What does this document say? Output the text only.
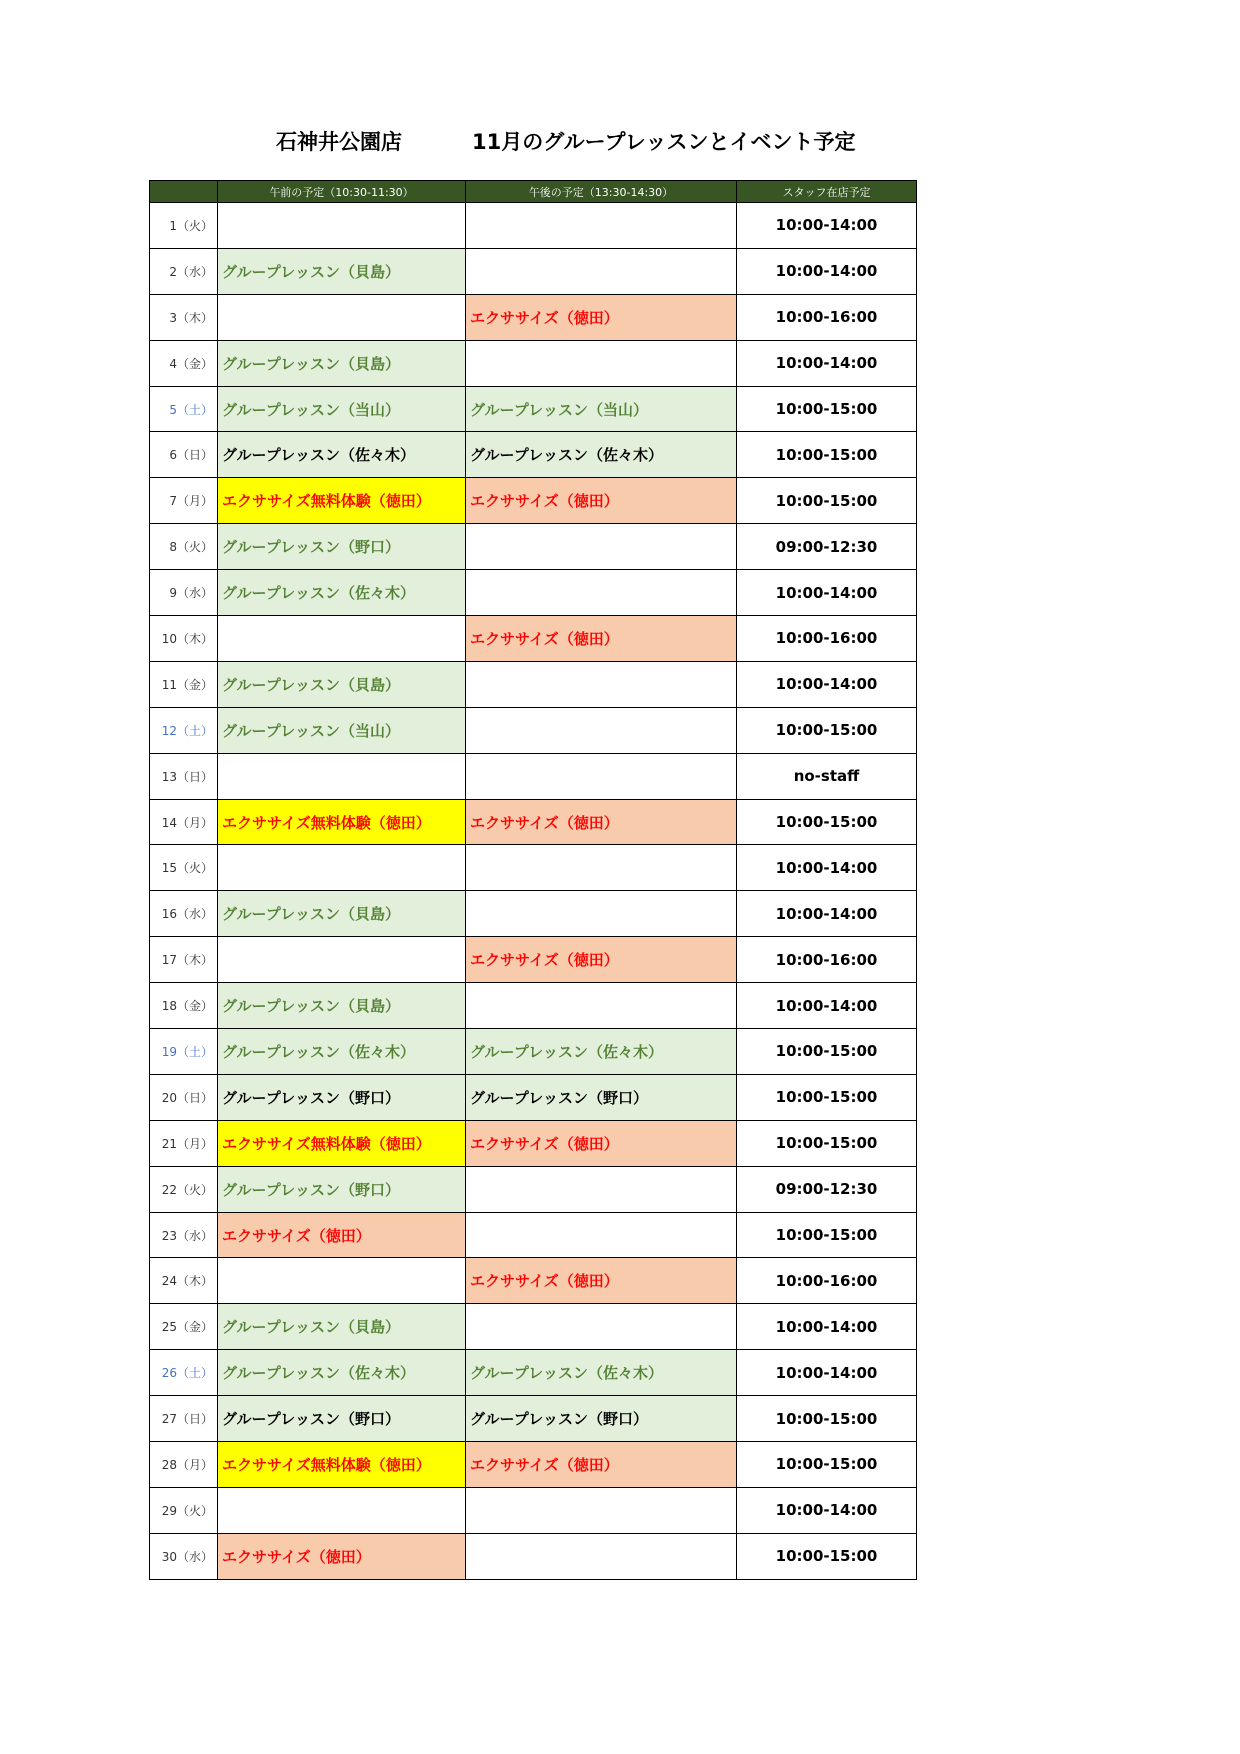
石神井公園店	11月のグループレッスンとイベント予定
	午前の予定（10:30-11:30）	午後の予定（13:30-14:30）	スタッフ在店予定
1（火）			10:00-14:00
2（水）	グループレッスン（貝島）		10:00-14:00
3（木）		エクササイズ（徳田）	10:00-16:00
4（金）	グループレッスン（貝島）		10:00-14:00
5（土）	グループレッスン（当山）	グループレッスン（当山）	10:00-15:00
6（日）	グループレッスン（佐々木）	グループレッスン（佐々木）	10:00-15:00
7（月）	エクササイズ無料体験（徳田）	エクササイズ（徳田）	10:00-15:00
8（火）	グループレッスン（野口）		09:00-12:30
9（水）	グループレッスン（佐々木）		10:00-14:00
10（木）		エクササイズ（徳田）	10:00-16:00
11（金）	グループレッスン（貝島）		10:00-14:00
12（土）	グループレッスン（当山）		10:00-15:00
13（日）			no-staff
14（月）	エクササイズ無料体験（徳田）	エクササイズ（徳田）	10:00-15:00
15（火）			10:00-14:00
16（水）	グループレッスン（貝島）		10:00-14:00
17（木）		エクササイズ（徳田）	10:00-16:00
18（金）	グループレッスン（貝島）		10:00-14:00
19（土）	グループレッスン（佐々木）	グループレッスン（佐々木）	10:00-15:00
20（日）	グループレッスン（野口）	グループレッスン（野口）	10:00-15:00
21（月）	エクササイズ無料体験（徳田）	エクササイズ（徳田）	10:00-15:00
22（火）	グループレッスン（野口）		09:00-12:30
23（水）	エクササイズ（徳田）		10:00-15:00
24（木）		エクササイズ（徳田）	10:00-16:00
25（金）	グループレッスン（貝島）		10:00-14:00
26（土）	グループレッスン（佐々木）	グループレッスン（佐々木）	10:00-14:00
27（日）	グループレッスン（野口）	グループレッスン（野口）	10:00-15:00
28（月）	エクササイズ無料体験（徳田）	エクササイズ（徳田）	10:00-15:00
29（火）			10:00-14:00
30（水）	エクササイズ（徳田）		10:00-15:00
